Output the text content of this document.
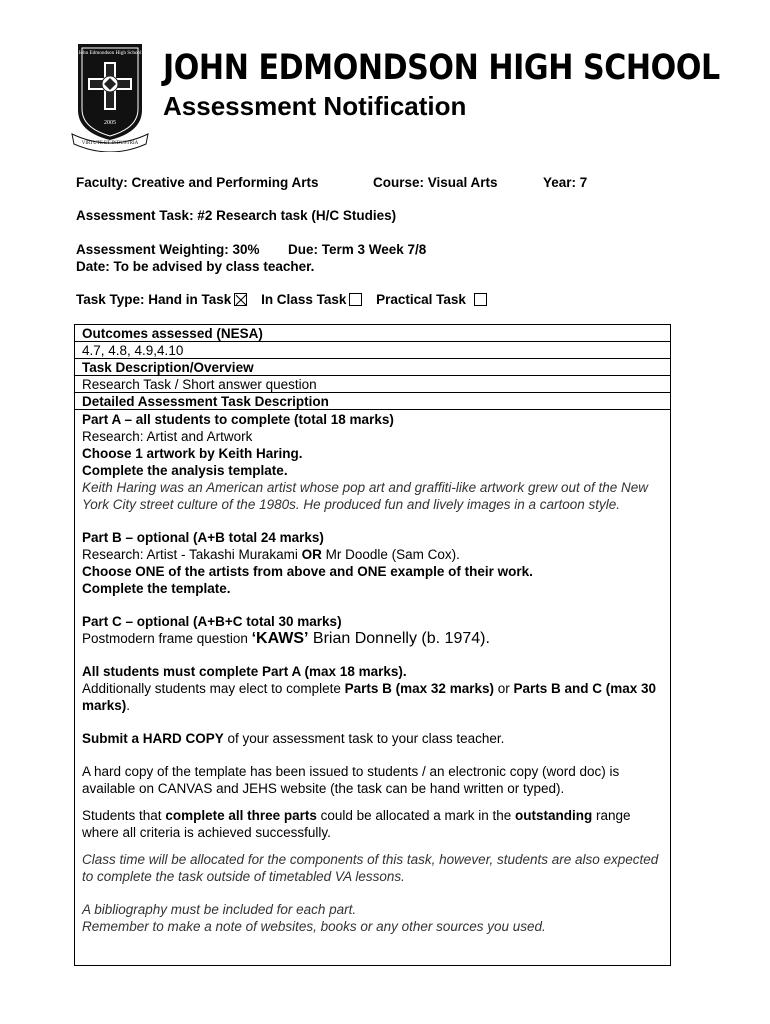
John Edmondson High School
2005
VIRTUTE ET INDUSTRIA
JOHN EDMONDSON HIGH SCHOOL
Assessment Notification
Faculty: Creative and Performing Arts	Course: Visual Arts	Year: 7
Assessment Task: #2 Research task (H/C Studies)
Assessment Weighting: 30% Due: Term 3 Week 7/8
Date: To be advised by class teacher.
Task Type: Hand in Task In Class Task Practical Task
Outcomes assessed (NESA)
4.7, 4.8, 4.9,4.10
Task Description/Overview
Research Task / Short answer question
Detailed Assessment Task Description

Part A – all students to complete (total 18 marks)

Research: Artist and Artwork

Choose 1 artwork by Keith Haring.

Complete the analysis template.

Keith Haring was an American artist whose pop art and graffiti-like artwork grew out of the New York City street culture of the 1980s. He produced fun and lively images in a cartoon style.

Part B – optional (A+B total 24 marks)

Research: Artist - Takashi Murakami OR Mr Doodle (Sam Cox).

Choose ONE of the artists from above and ONE example of their work.

Complete the template.

Part C – optional (A+B+C total 30 marks)

Postmodern frame question ‘KAWS’ Brian Donnelly (b. 1974).

All students must complete Part A (max 18 marks).

Additionally students may elect to complete Parts B (max 32 marks) or Parts B and C (max 30 marks).

Submit a HARD COPY of your assessment task to your class teacher.

A hard copy of the template has been issued to students / an electronic copy (word doc) is available on CANVAS and JEHS website (the task can be hand written or typed).

Students that complete all three parts could be allocated a mark in the outstanding range where all criteria is achieved successfully.

Class time will be allocated for the components of this task, however, students are also expected to complete the task outside of timetabled VA lessons.

A bibliography must be included for each part.

Remember to make a note of websites, books or any other sources you used.
